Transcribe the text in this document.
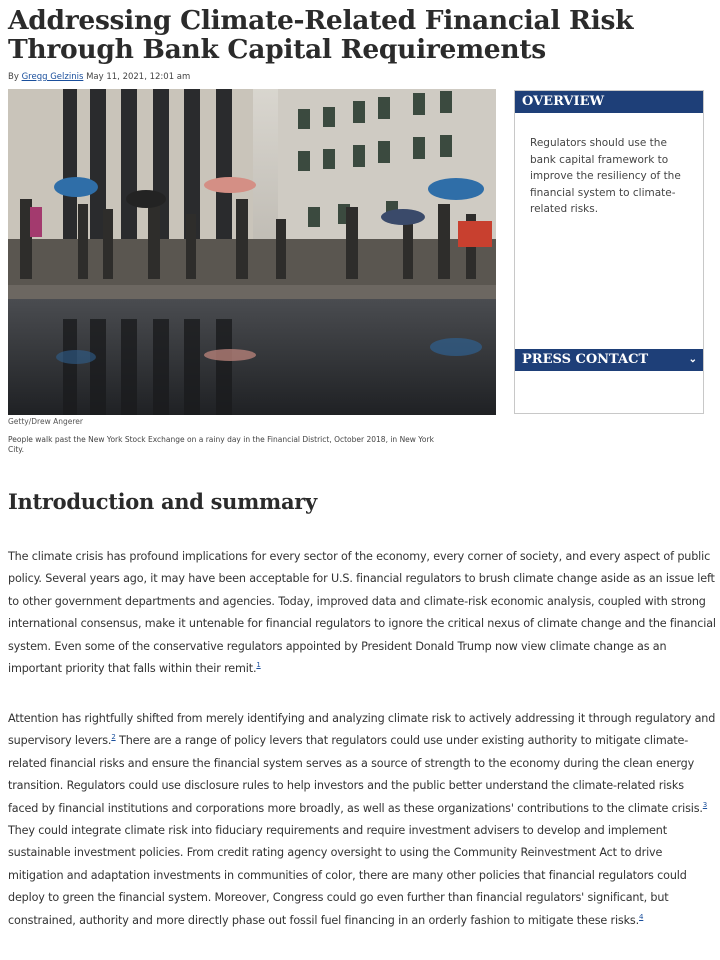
Addressing Climate-Related Financial Risk Through Bank Capital Requirements
By Gregg Gelzinis May 11, 2021, 12:01 am
Getty/Drew Angerer
People walk past the New York Stock Exchange on a rainy day in the Financial District, October 2018, in New York City.
OVERVIEW
Regulators should use the bank capital framework to improve the resiliency of the financial system to climate-related risks.
PRESS CONTACT	⌄
Introduction and summary

The climate crisis has profound implications for every sector of the economy, every corner of society, and every aspect of public policy. Several years ago, it may have been acceptable for U.S. financial regulators to brush climate change aside as an issue left to other government departments and agencies. Today, improved data and climate-risk economic analysis, coupled with strong international consensus, make it untenable for financial regulators to ignore the critical nexus of climate change and the financial system. Even some of the conservative regulators appointed by President Donald Trump now view climate change as an important priority that falls within their remit.$^1$

Attention has rightfully shifted from merely identifying and analyzing climate risk to actively addressing it through regulatory and supervisory levers.$^2$ There are a range of policy levers that regulators could use under existing authority to mitigate climate-related financial risks and ensure the financial system serves as a source of strength to the economy during the clean energy transition. Regulators could use disclosure rules to help investors and the public better understand the climate-related risks faced by financial institutions and corporations more broadly, as well as these organizations' contributions to the climate crisis.$^3$ They could integrate climate risk into fiduciary requirements and require investment advisers to develop and implement sustainable investment policies. From credit rating agency oversight to using the Community Reinvestment Act to drive mitigation and adaptation investments in communities of color, there are many other policies that financial regulators could deploy to green the financial system. Moreover, Congress could go even further than financial regulators' significant, but constrained, authority and more directly phase out fossil fuel financing in an orderly fashion to mitigate these risks.$^4$
